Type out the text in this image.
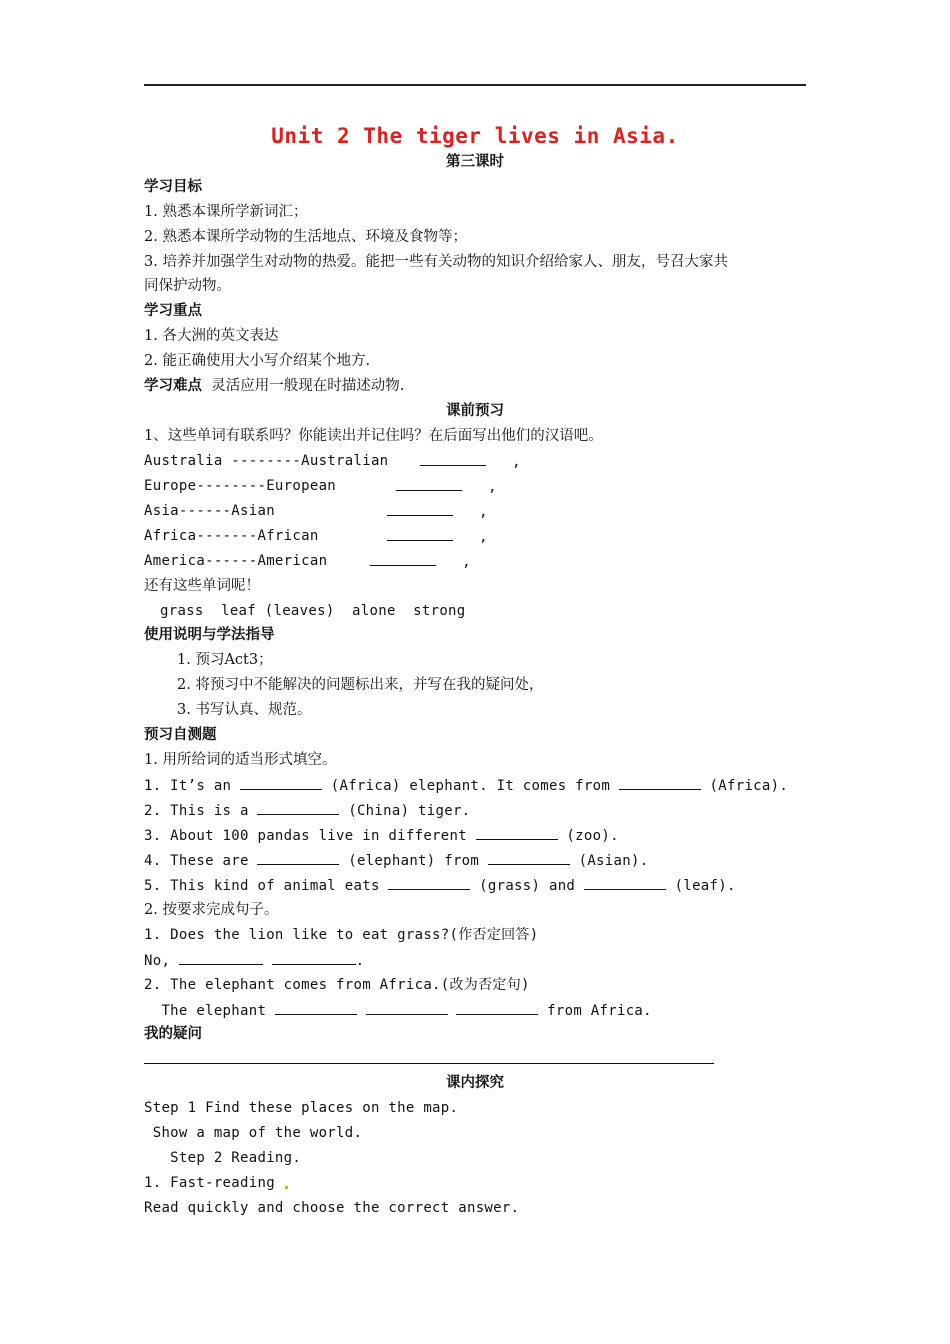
Unit 2 The tiger lives in Asia.
第三课时
学习目标
1. 熟悉本课所学新词汇；
2. 熟悉本课所学动物的生活地点、环境及食物等；
3. 培养并加强学生对动物的热爱。能把一些有关动物的知识介绍给家人、朋友，号召大家共
同保护动物。
学习重点
1. 各大洲的英文表达
2. 能正确使用大小写介绍某个地方.
学习难点 灵活应用一般现在时描述动物.
课前预习
1、这些单词有联系吗？你能读出并记住吗？在后面写出他们的汉语吧。
Australia --------Australian	,
Europe--------European	,
Asia------Asian	,
Africa-------African	,
America------American	,
还有这些单词呢！
grass  leaf (leaves)  alone  strong
使用说明与学法指导
1. 预习Act3；
2. 将预习中不能解决的问题标出来，并写在我的疑问处，
3. 书写认真、规范。
预习自测题
1. 用所给词的适当形式填空。
1. It’s an	(Africa) elephant. It comes from	(Africa).
2. This is a	(China) tiger.
3. About 100 pandas live in different	(zoo).
4. These are	(elephant) from	(Asian).
5. This kind of animal eats	(grass) and	(leaf).
2. 按要求完成句子。
1. Does the lion like to eat grass?(作否定回答)
No,	.
2. The elephant comes from Africa.(改为否定句)
The elephant	from Africa.
我的疑问
课内探究
Step 1 Find these places on the map.
Show a map of the world.
Step 2 Reading.
1. Fast-reading
Read quickly and choose the correct answer.
